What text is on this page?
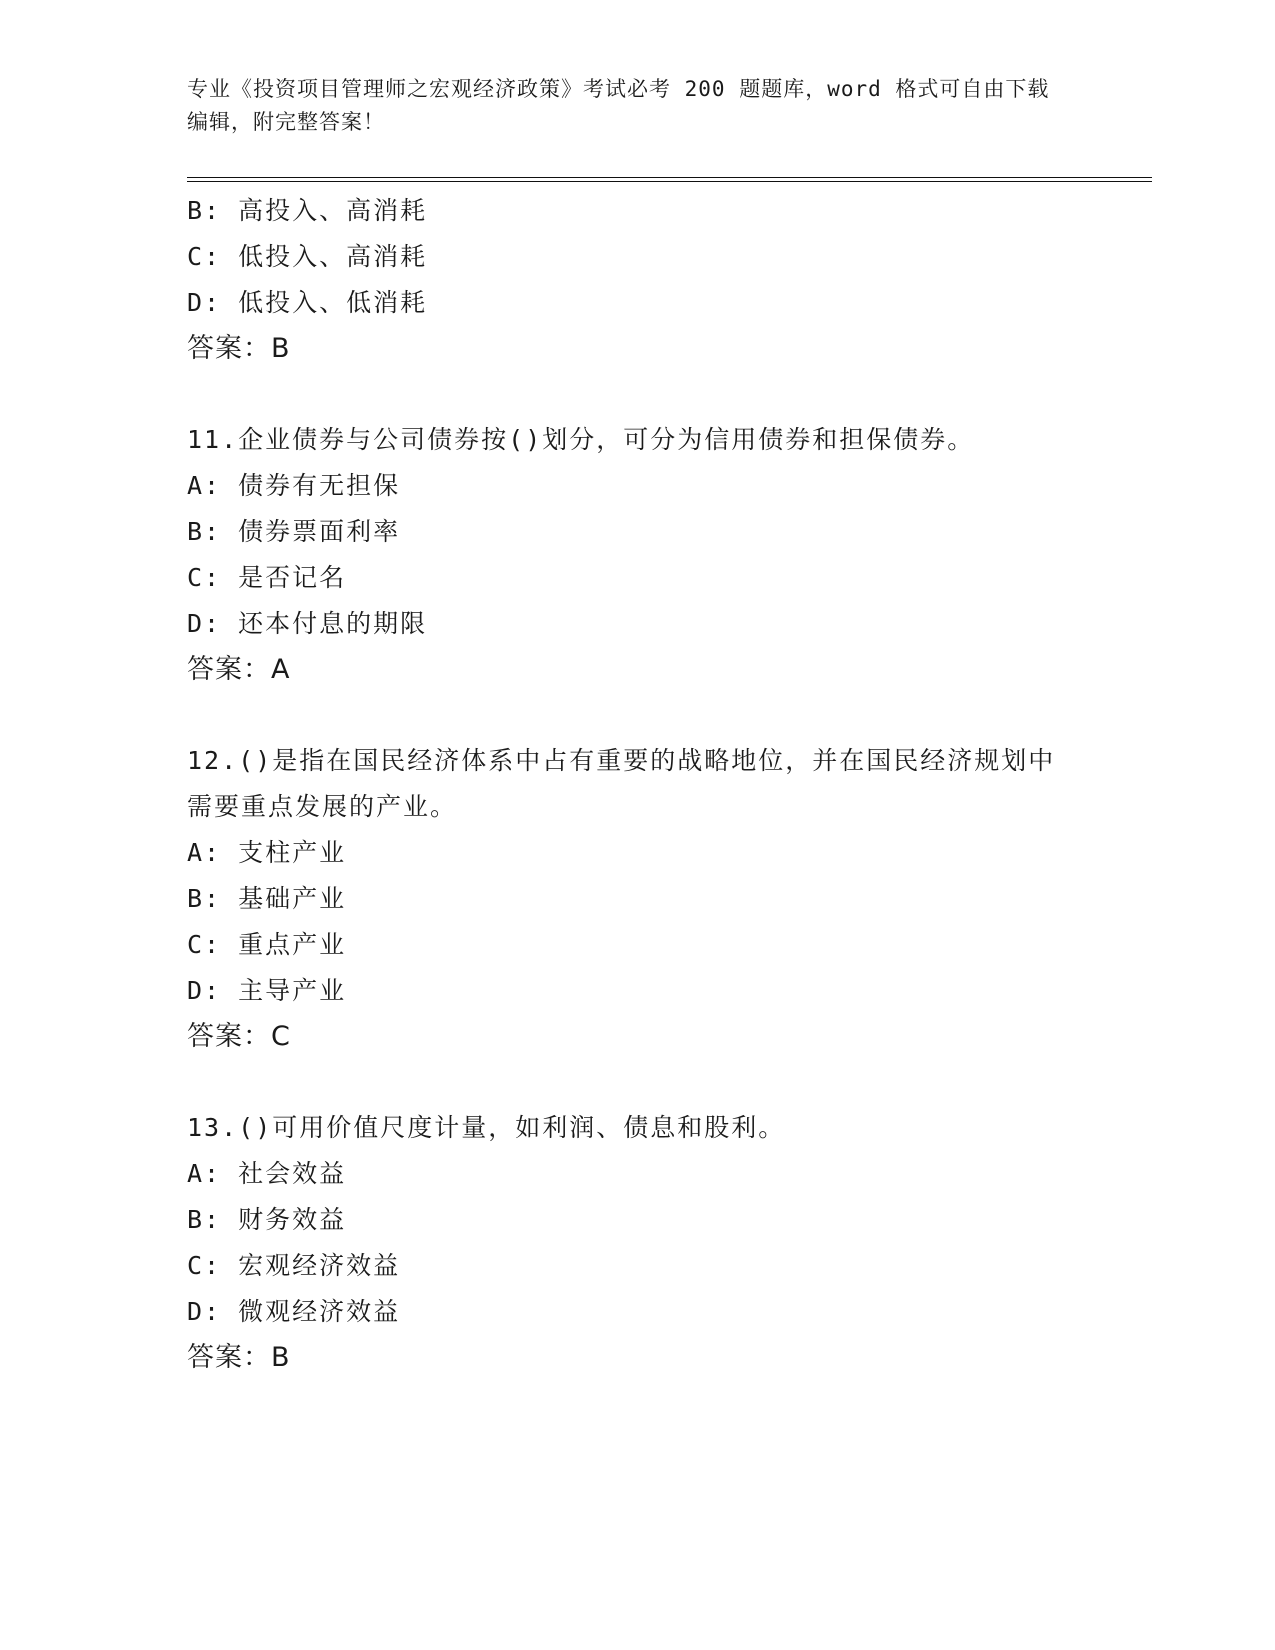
专业《投资项目管理师之宏观经济政策》考试必考 200 题题库，word 格式可自由下载编辑，附完整答案！
B: 高投入、高消耗
C: 低投入、高消耗
D: 低投入、低消耗
答案：B
11.企业债券与公司债券按()划分，可分为信用债券和担保债券。
A: 债券有无担保
B: 债券票面利率
C: 是否记名
D: 还本付息的期限
答案：A
12.()是指在国民经济体系中占有重要的战略地位，并在国民经济规划中需要重点发展的产业。
A: 支柱产业
B: 基础产业
C: 重点产业
D: 主导产业
答案：C
13.()可用价值尺度计量，如利润、债息和股利。
A: 社会效益
B: 财务效益
C: 宏观经济效益
D: 微观经济效益
答案：B
